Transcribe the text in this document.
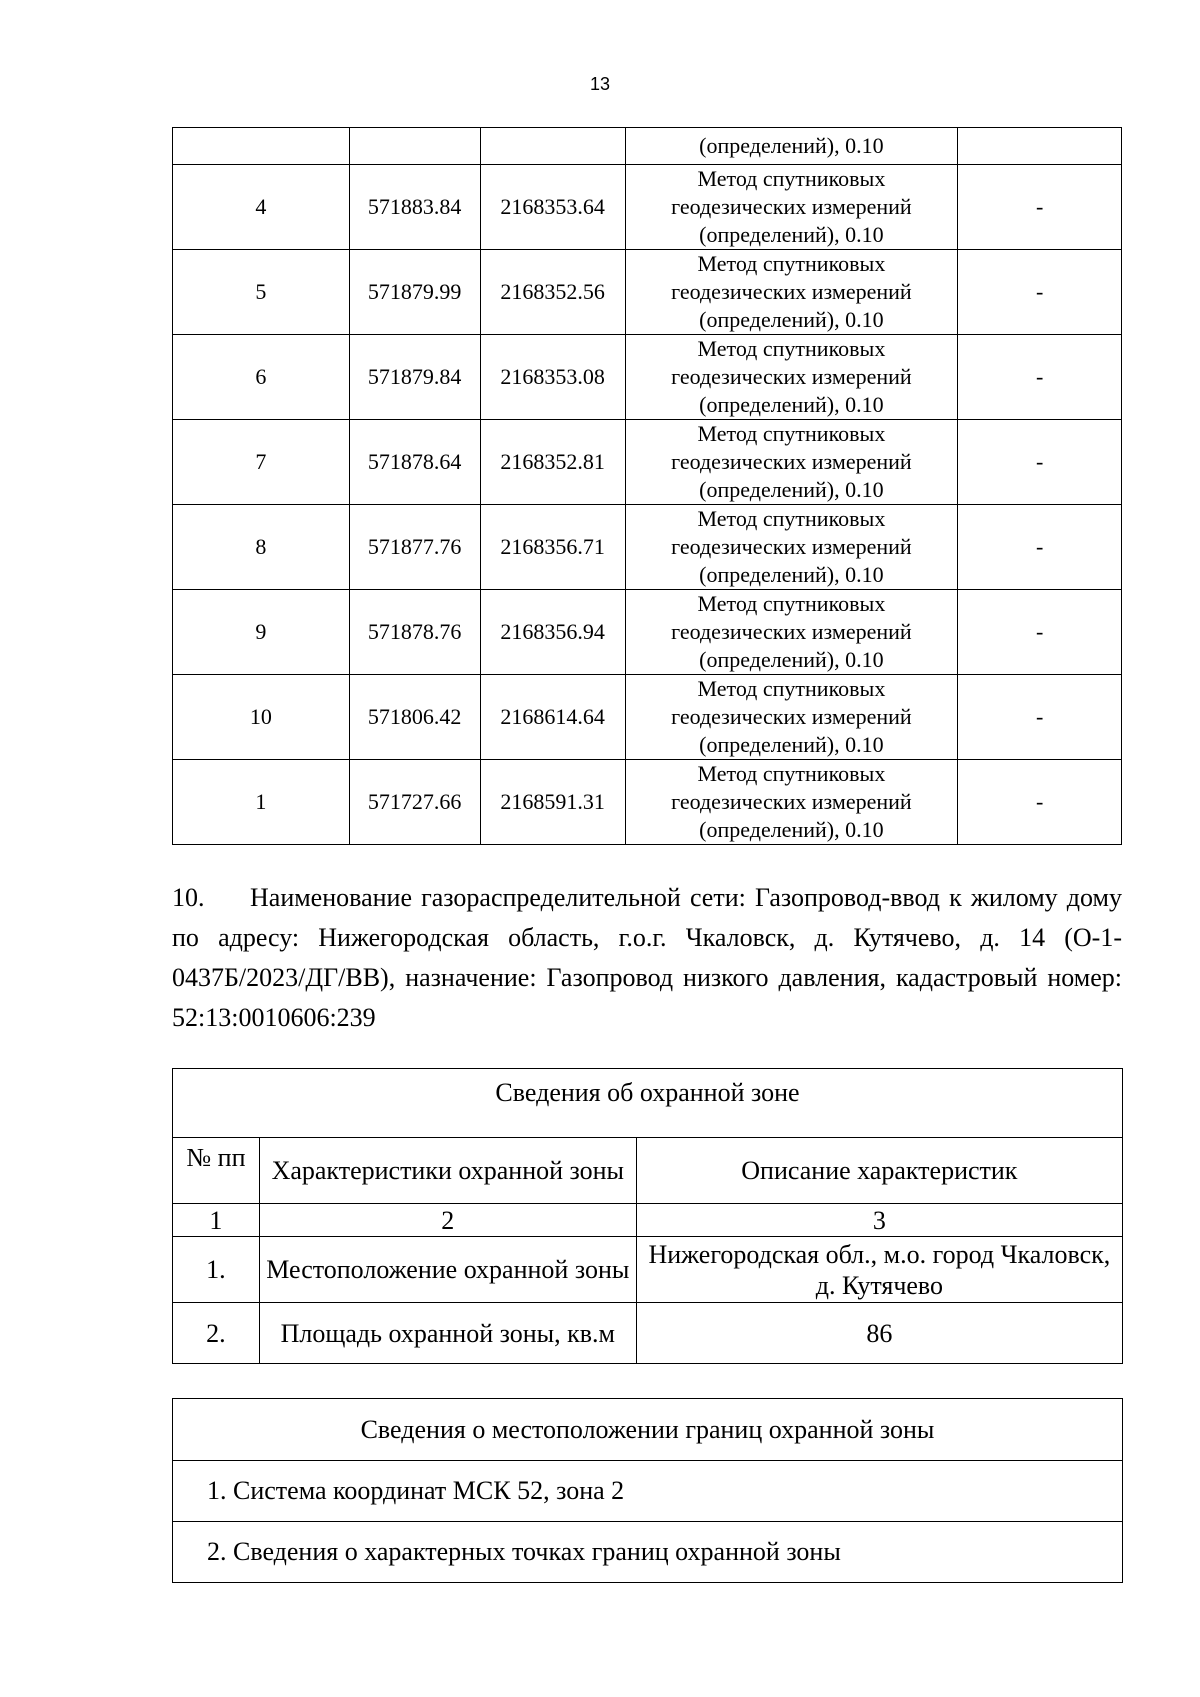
13
			(определений), 0.10	
4	571883.84	2168353.64	Метод спутниковых
геодезических измерений
(определений), 0.10	-
5	571879.99	2168352.56	Метод спутниковых
геодезических измерений
(определений), 0.10	-
6	571879.84	2168353.08	Метод спутниковых
геодезических измерений
(определений), 0.10	-
7	571878.64	2168352.81	Метод спутниковых
геодезических измерений
(определений), 0.10	-
8	571877.76	2168356.71	Метод спутниковых
геодезических измерений
(определений), 0.10	-
9	571878.76	2168356.94	Метод спутниковых
геодезических измерений
(определений), 0.10	-
10	571806.42	2168614.64	Метод спутниковых
геодезических измерений
(определений), 0.10	-
1	571727.66	2168591.31	Метод спутниковых
геодезических измерений
(определений), 0.10	-
10. Наименование газораспределительной сети: Газопровод-ввод к жилому дому по адресу: Нижегородская область, г.о.г. Чкаловск, д. Кутячево, д. 14 (О-1-0437Б/2023/ДГ/ВВ), назначение: Газопровод низкого давления, кадастровый номер: 52:13:0010606:239
Сведения об охранной зоне		
№ пп	Характеристики охранной зоны	Описание характеристик
1	2	3
1.	Местоположение охранной зоны	Нижегородская обл., м.о. город Чкаловск, д. Кутячево
2.	Площадь охранной зоны, кв.м	86
Сведения о местоположении границ охранной зоны
1. Система координат МСК 52, зона 2
2. Сведения о характерных точках границ охранной зоны
